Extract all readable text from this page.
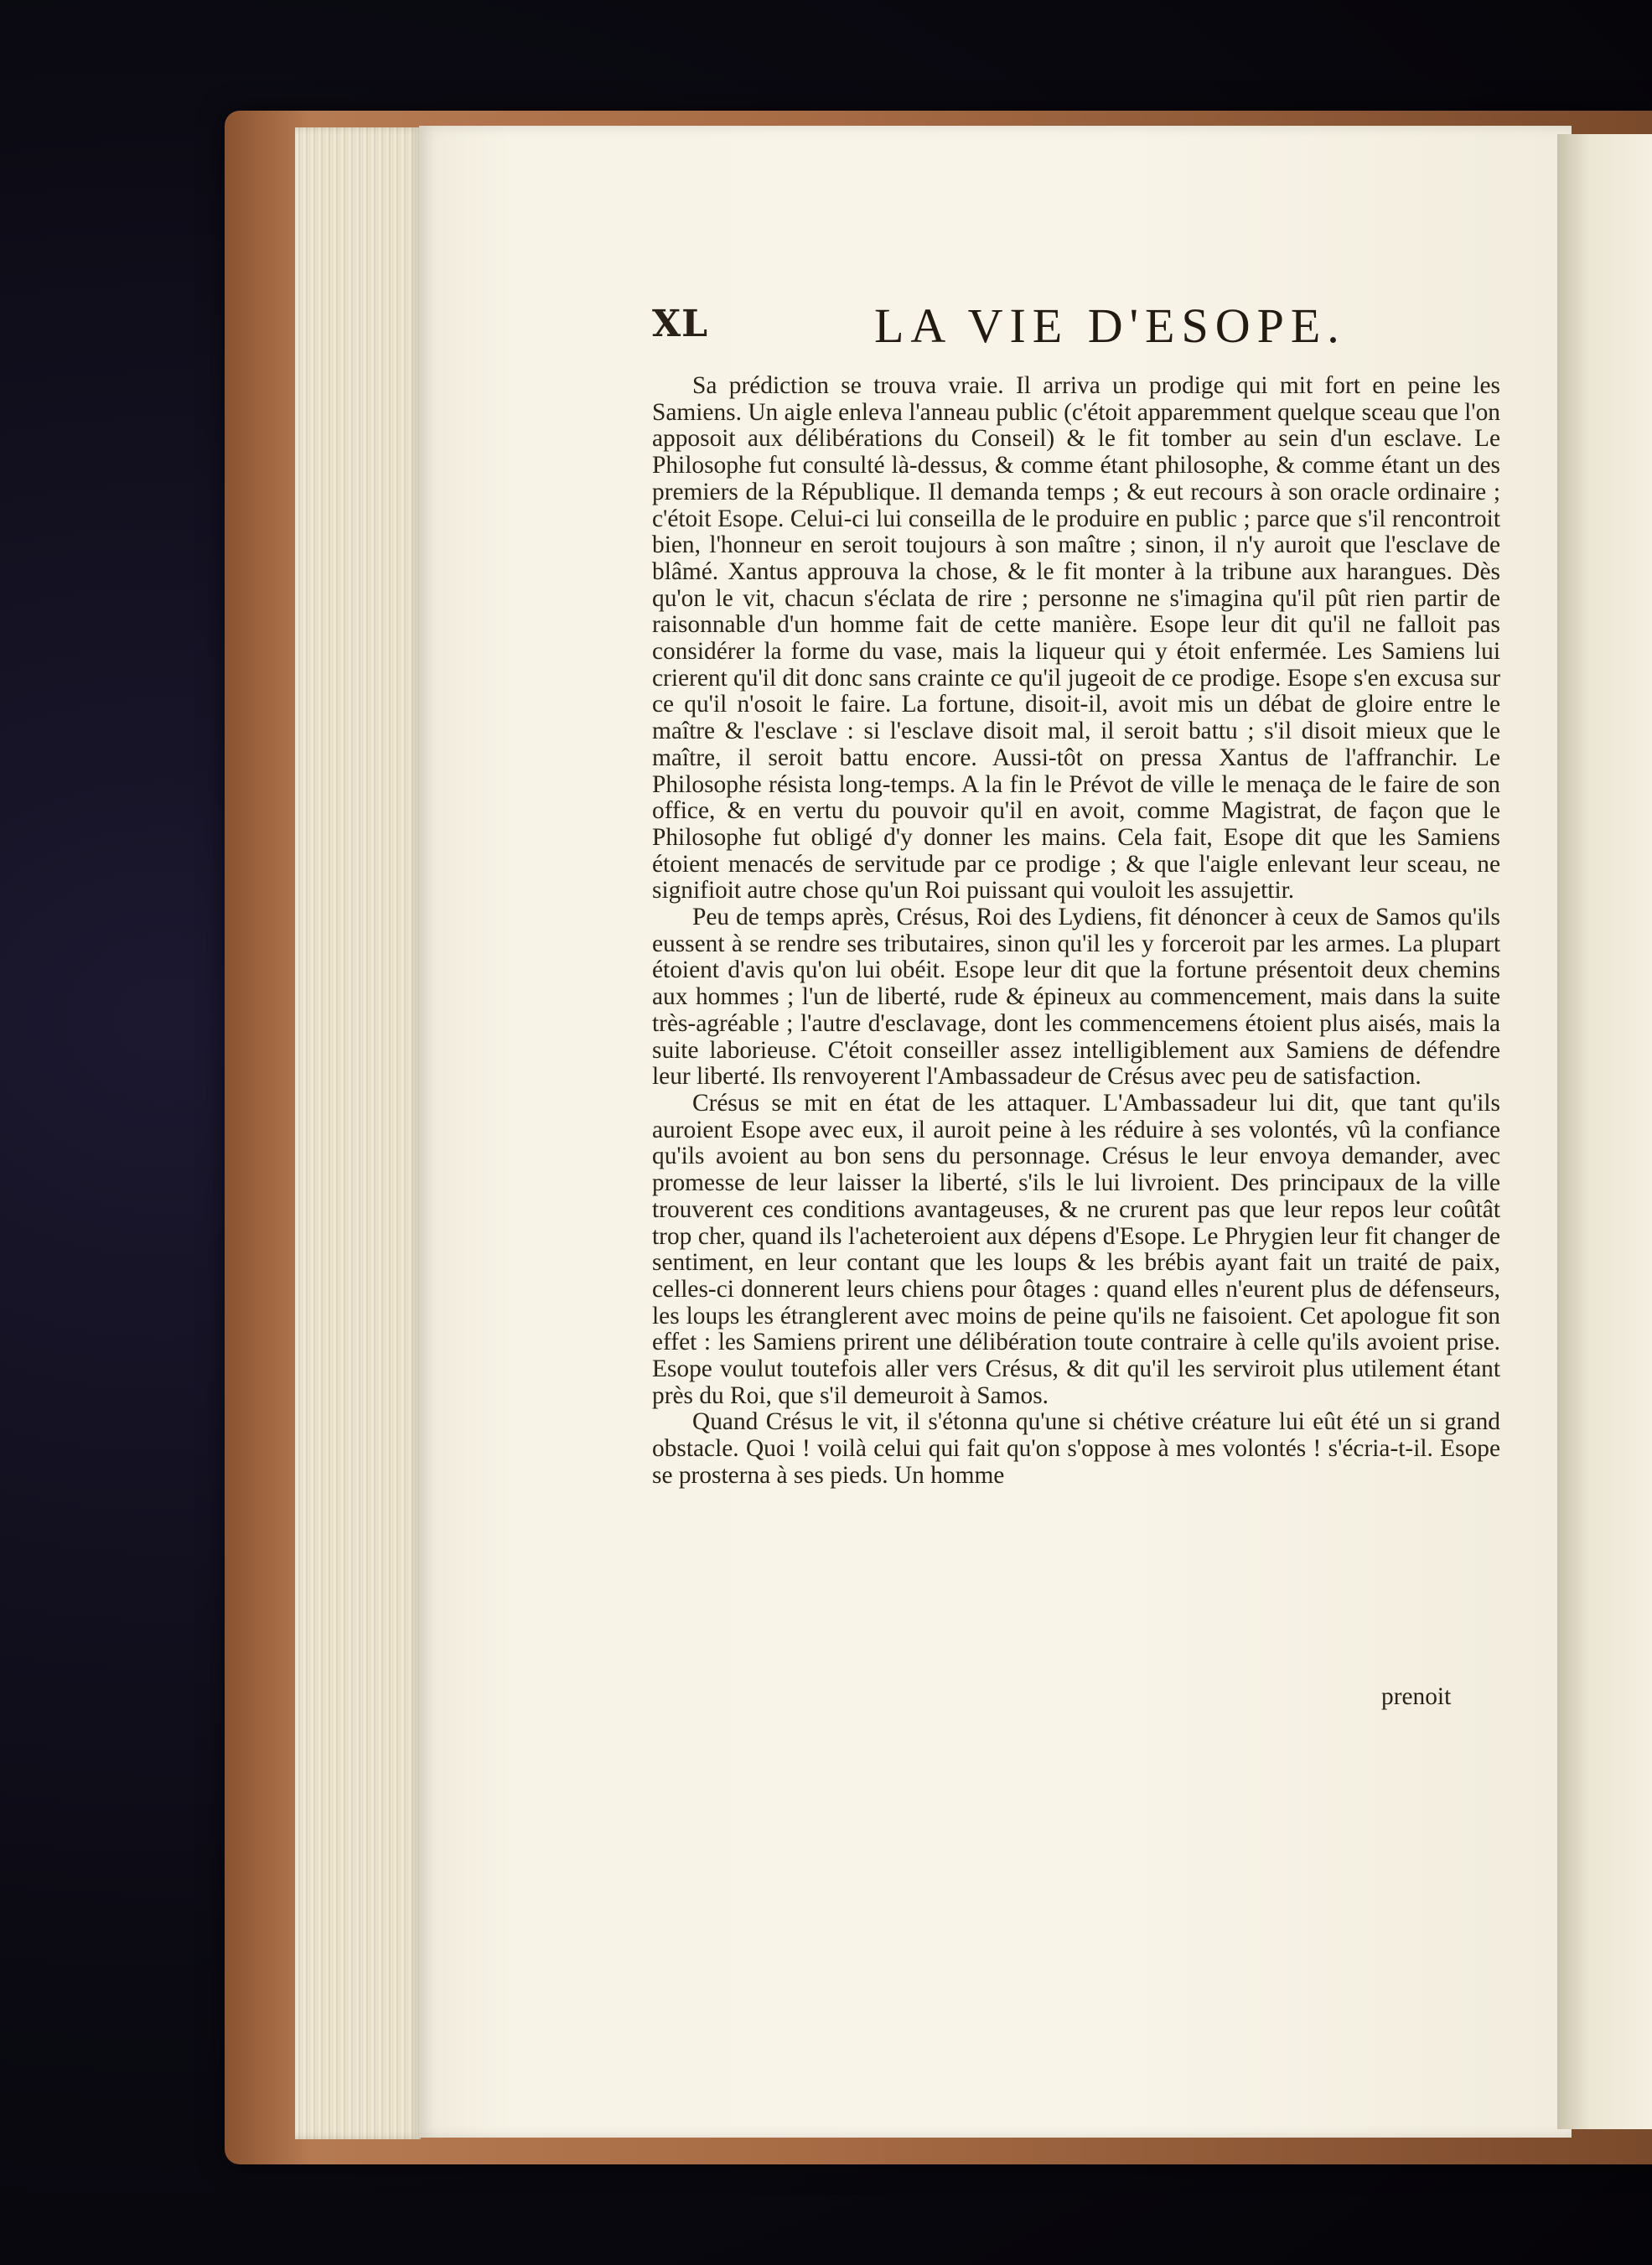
XL	LA VIE D'ESOPE.

Sa prédiction se trouva vraie. Il arriva un prodige qui mit fort en peine les Samiens. Un aigle enleva l'anneau public (c'étoit apparemment quelque sceau que l'on apposoit aux délibérations du Conseil) & le fit tomber au sein d'un esclave. Le Philosophe fut consulté là-dessus, & comme étant philosophe, & comme étant un des premiers de la République. Il demanda temps ; & eut recours à son oracle ordinaire ; c'étoit Esope. Celui-ci lui conseilla de le produire en public ; parce que s'il rencontroit bien, l'honneur en seroit toujours à son maître ; sinon, il n'y auroit que l'esclave de blâmé. Xantus approuva la chose, & le fit monter à la tribune aux harangues. Dès qu'on le vit, chacun s'éclata de rire ; personne ne s'imagina qu'il pût rien partir de raisonnable d'un homme fait de cette manière. Esope leur dit qu'il ne falloit pas considérer la forme du vase, mais la liqueur qui y étoit enfermée. Les Samiens lui crierent qu'il dit donc sans crainte ce qu'il jugeoit de ce prodige. Esope s'en excusa sur ce qu'il n'osoit le faire. La fortune, disoit-il, avoit mis un débat de gloire entre le maître & l'esclave : si l'esclave disoit mal, il seroit battu ; s'il disoit mieux que le maître, il seroit battu encore. Aussi-tôt on pressa Xantus de l'affranchir. Le Philosophe résista long-temps. A la fin le Prévot de ville le menaça de le faire de son office, & en vertu du pouvoir qu'il en avoit, comme Magistrat, de façon que le Philosophe fut obligé d'y donner les mains. Cela fait, Esope dit que les Samiens étoient menacés de servitude par ce prodige ; & que l'aigle enlevant leur sceau, ne signifioit autre chose qu'un Roi puissant qui vouloit les assujettir.

Peu de temps après, Crésus, Roi des Lydiens, fit dénoncer à ceux de Samos qu'ils eussent à se rendre ses tributaires, sinon qu'il les y forceroit par les armes. La plupart étoient d'avis qu'on lui obéit. Esope leur dit que la fortune présentoit deux chemins aux hommes ; l'un de liberté, rude & épineux au commencement, mais dans la suite très-agréable ; l'autre d'esclavage, dont les commencemens étoient plus aisés, mais la suite laborieuse. C'étoit conseiller assez intelligiblement aux Samiens de défendre leur liberté. Ils renvoyerent l'Ambassadeur de Crésus avec peu de satisfaction.

Crésus se mit en état de les attaquer. L'Ambassadeur lui dit, que tant qu'ils auroient Esope avec eux, il auroit peine à les réduire à ses volontés, vû la confiance qu'ils avoient au bon sens du personnage. Crésus le leur envoya demander, avec promesse de leur laisser la liberté, s'ils le lui livroient. Des principaux de la ville trouverent ces conditions avantageuses, & ne crurent pas que leur repos leur coûtât trop cher, quand ils l'acheteroient aux dépens d'Esope. Le Phrygien leur fit changer de sentiment, en leur contant que les loups & les brébis ayant fait un traité de paix, celles-ci donnerent leurs chiens pour ôtages : quand elles n'eurent plus de défenseurs, les loups les étranglerent avec moins de peine qu'ils ne faisoient. Cet apologue fit son effet : les Samiens prirent une délibération toute contraire à celle qu'ils avoient prise. Esope voulut toutefois aller vers Crésus, & dit qu'il les serviroit plus utilement étant près du Roi, que s'il demeuroit à Samos.

Quand Crésus le vit, il s'étonna qu'une si chétive créature lui eût été un si grand obstacle. Quoi ! voilà celui qui fait qu'on s'oppose à mes volontés ! s'écria-t-il. Esope se prosterna à ses pieds. Un homme

prenoit
